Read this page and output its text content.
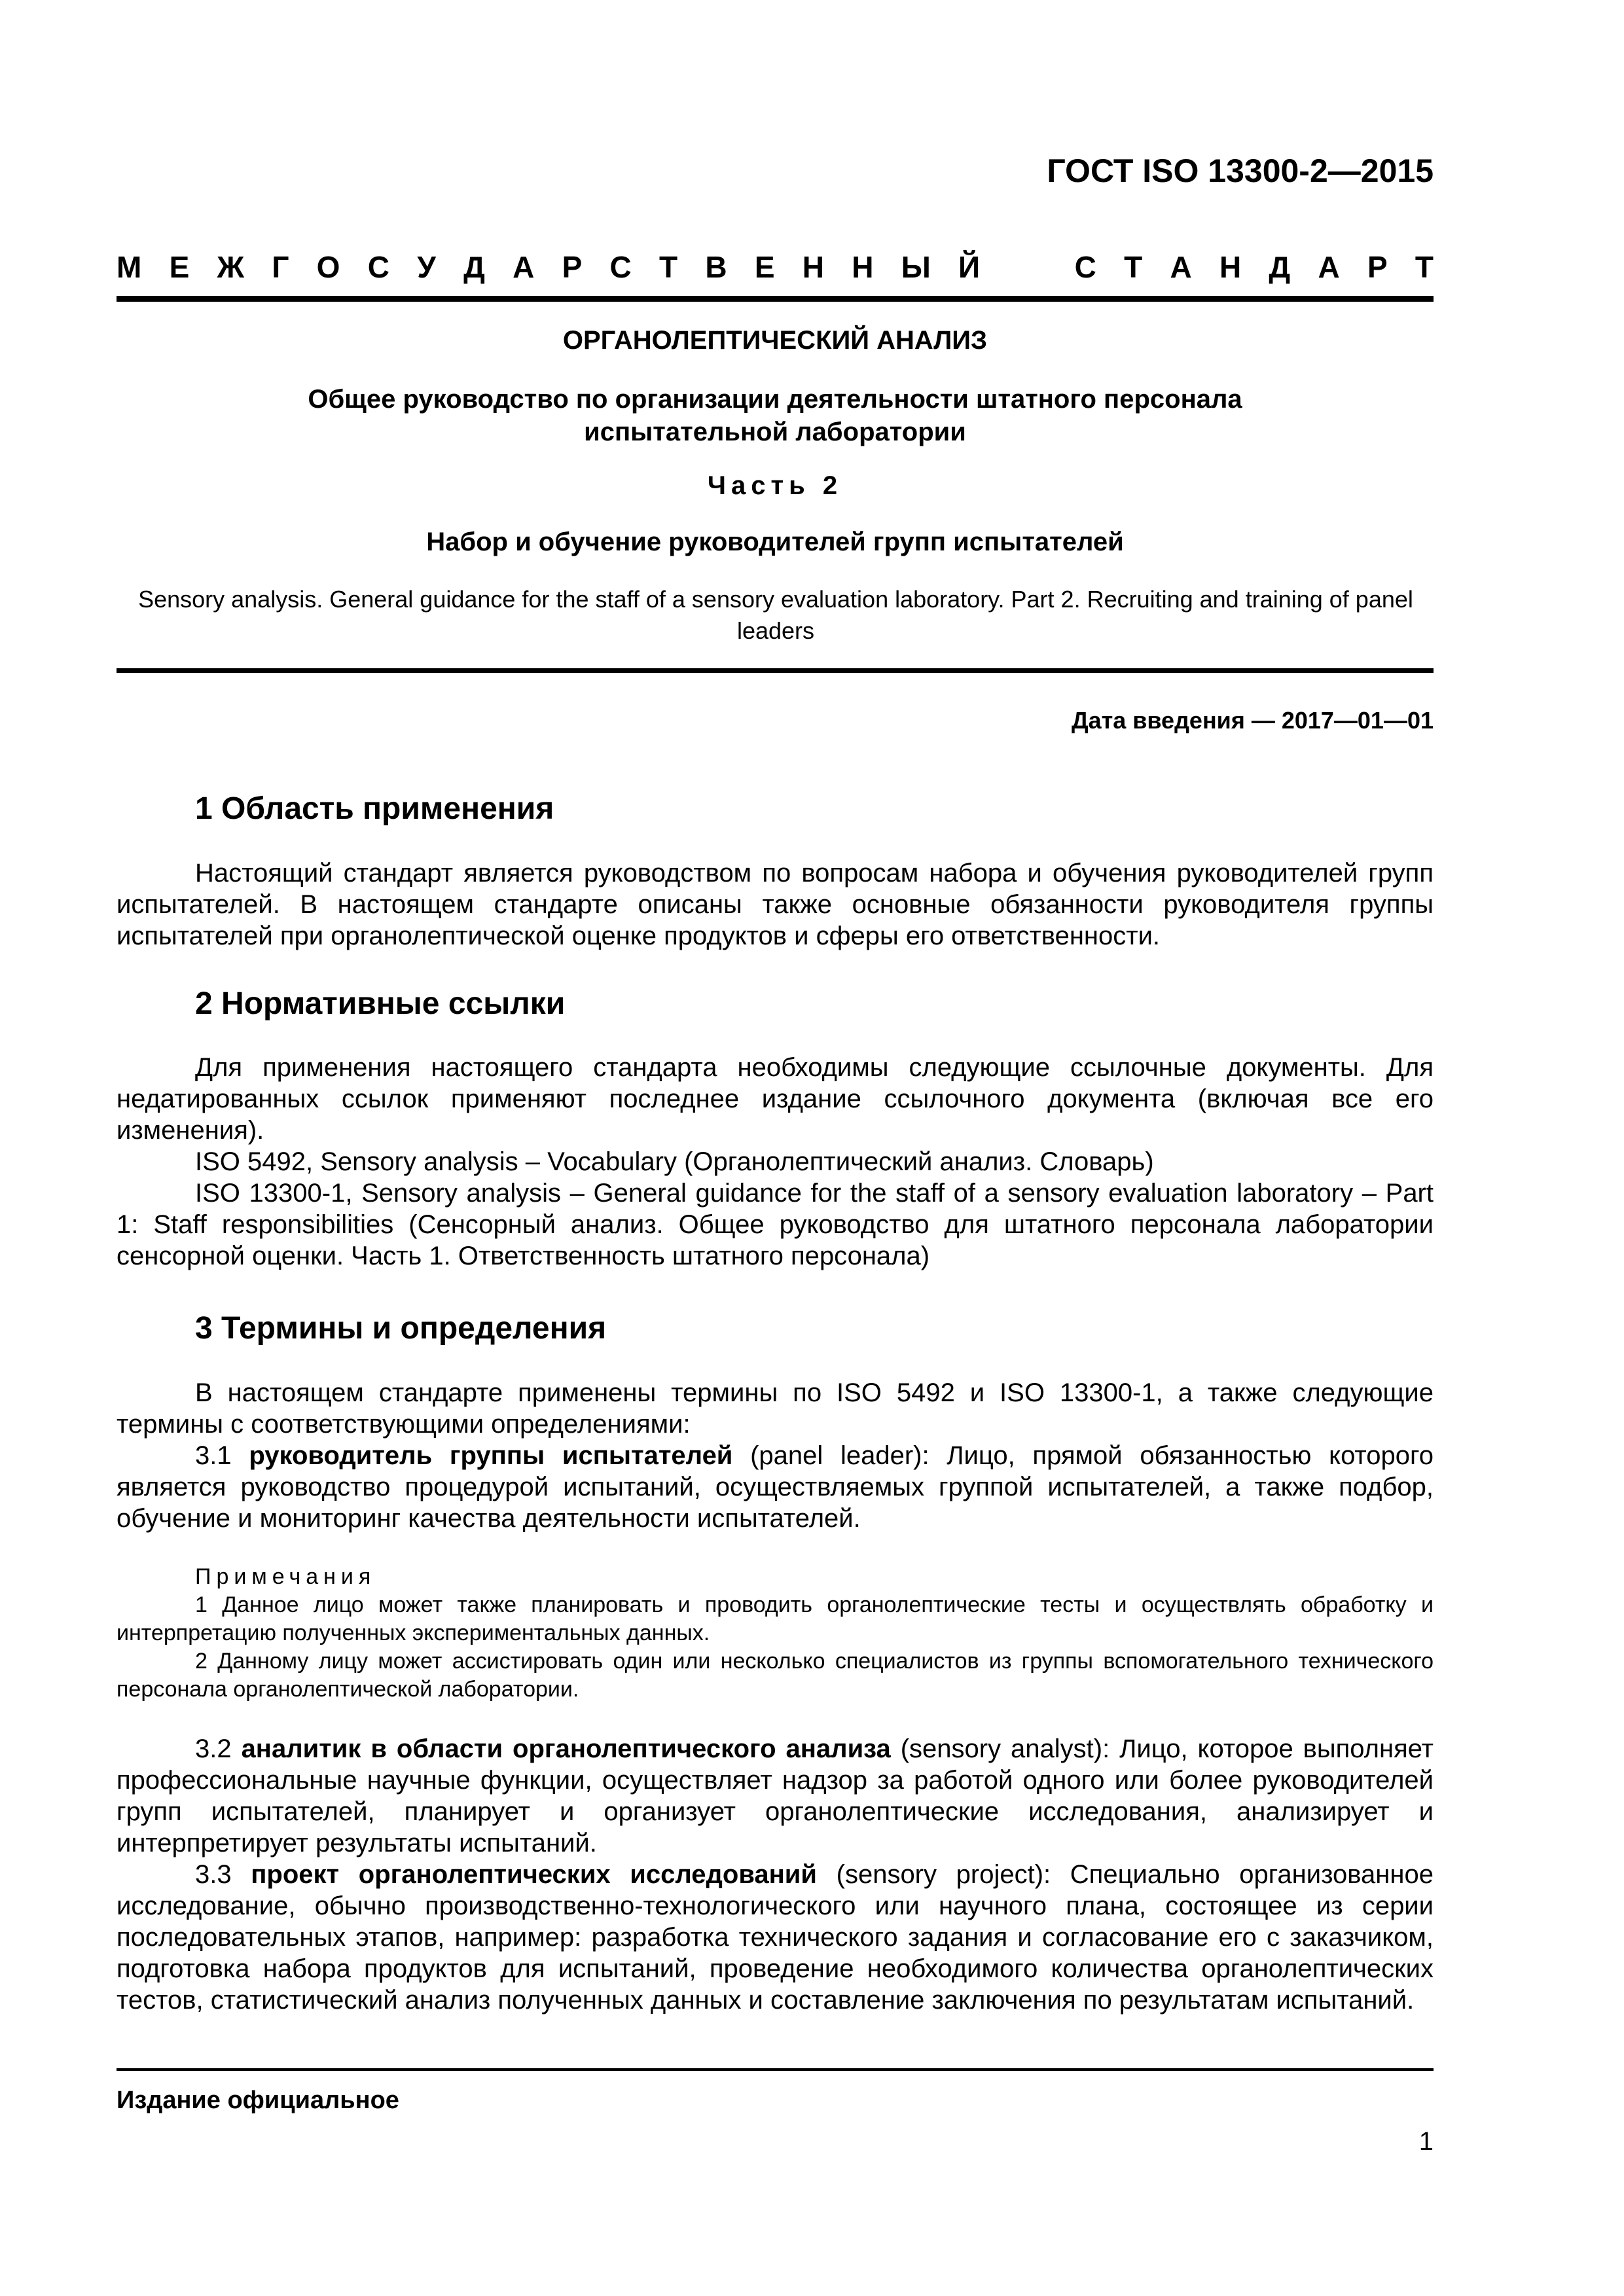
ГОСТ ISO 13300-2—2015
М Е Ж Г О С У Д А Р С Т В Е Н Н Ы Й	С Т А Н Д А Р Т
ОРГАНОЛЕПТИЧЕСКИЙ АНАЛИЗ
Общее руководство по организации деятельности штатного персонала
испытательной лаборатории
Часть 2
Набор и обучение руководителей групп испытателей
Sensory analysis. General guidance for the staff of a sensory evaluation laboratory. Part 2. Recruiting and training of panel leaders
Дата введения — 2017—01—01
1 Область применения

Настоящий стандарт является руководством по вопросам набора и обучения руководителей групп испытателей. В настоящем стандарте описаны также основные обязанности руководителя группы испытателей при органолептической оценке продуктов и сферы его ответственности.

2 Нормативные ссылки

Для применения настоящего стандарта необходимы следующие ссылочные документы. Для недатированных ссылок применяют последнее издание ссылочного документа (включая все его изменения).

ISO 5492, Sensory analysis – Vocabulary (Органолептический анализ. Словарь)

ISO 13300-1, Sensory analysis – General guidance for the staff of a sensory evaluation laboratory – Part 1: Staff responsibilities (Сенсорный анализ. Общее руководство для штатного персонала лаборатории сенсорной оценки. Часть 1. Ответственность штатного персонала)

3 Термины и определения

В настоящем стандарте применены термины по ISO 5492 и ISO 13300-1, а также следующие термины с соответствующими определениями:

3.1 руководитель группы испытателей (panel leader): Лицо, прямой обязанностью которого является руководство процедурой испытаний, осуществляемых группой испытателей, а также подбор, обучение и мониторинг качества деятельности испытателей.

Примечания

1 Данное лицо может также планировать и проводить органолептические тесты и осуществлять обработку и интерпретацию полученных экспериментальных данных.

2 Данному лицу может ассистировать один или несколько специалистов из группы вспомогательного технического персонала органолептической лаборатории.

3.2 аналитик в области органолептического анализа (sensory analyst): Лицо, которое выполняет профессиональные научные функции, осуществляет надзор за работой одного или более руководителей групп испытателей, планирует и организует органолептические исследования, анализирует и интерпретирует результаты испытаний.

3.3 проект органолептических исследований (sensory project): Специально организованное исследование, обычно производственно-технологического или научного плана, состоящее из серии последовательных этапов, например: разработка технического задания и согласование его с заказчиком, подготовка набора продуктов для испытаний, проведение необходимого количества органолептических тестов, статистический анализ полученных данных и составление заключения по результатам испытаний.

Издание официальное
1
